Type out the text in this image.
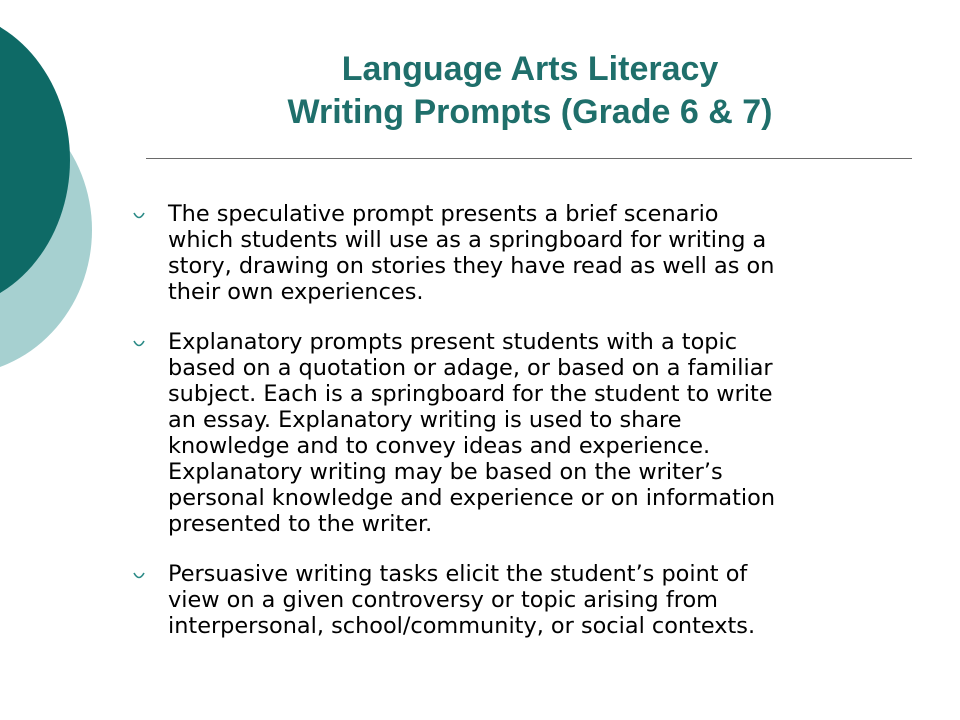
Language Arts Literacy
Writing Prompts (Grade 6 & 7)
The speculative prompt presents a brief scenario
which students will use as a springboard for writing a
story, drawing on stories they have read as well as on
their own experiences.
Explanatory prompts present students with a topic
based on a quotation or adage, or based on a familiar
subject. Each is a springboard for the student to write
an essay. Explanatory writing is used to share
knowledge and to convey ideas and experience.
Explanatory writing may be based on the writer’s
personal knowledge and experience or on information
presented to the writer.
Persuasive writing tasks elicit the student’s point of
view on a given controversy or topic arising from
interpersonal, school/community, or social contexts.
